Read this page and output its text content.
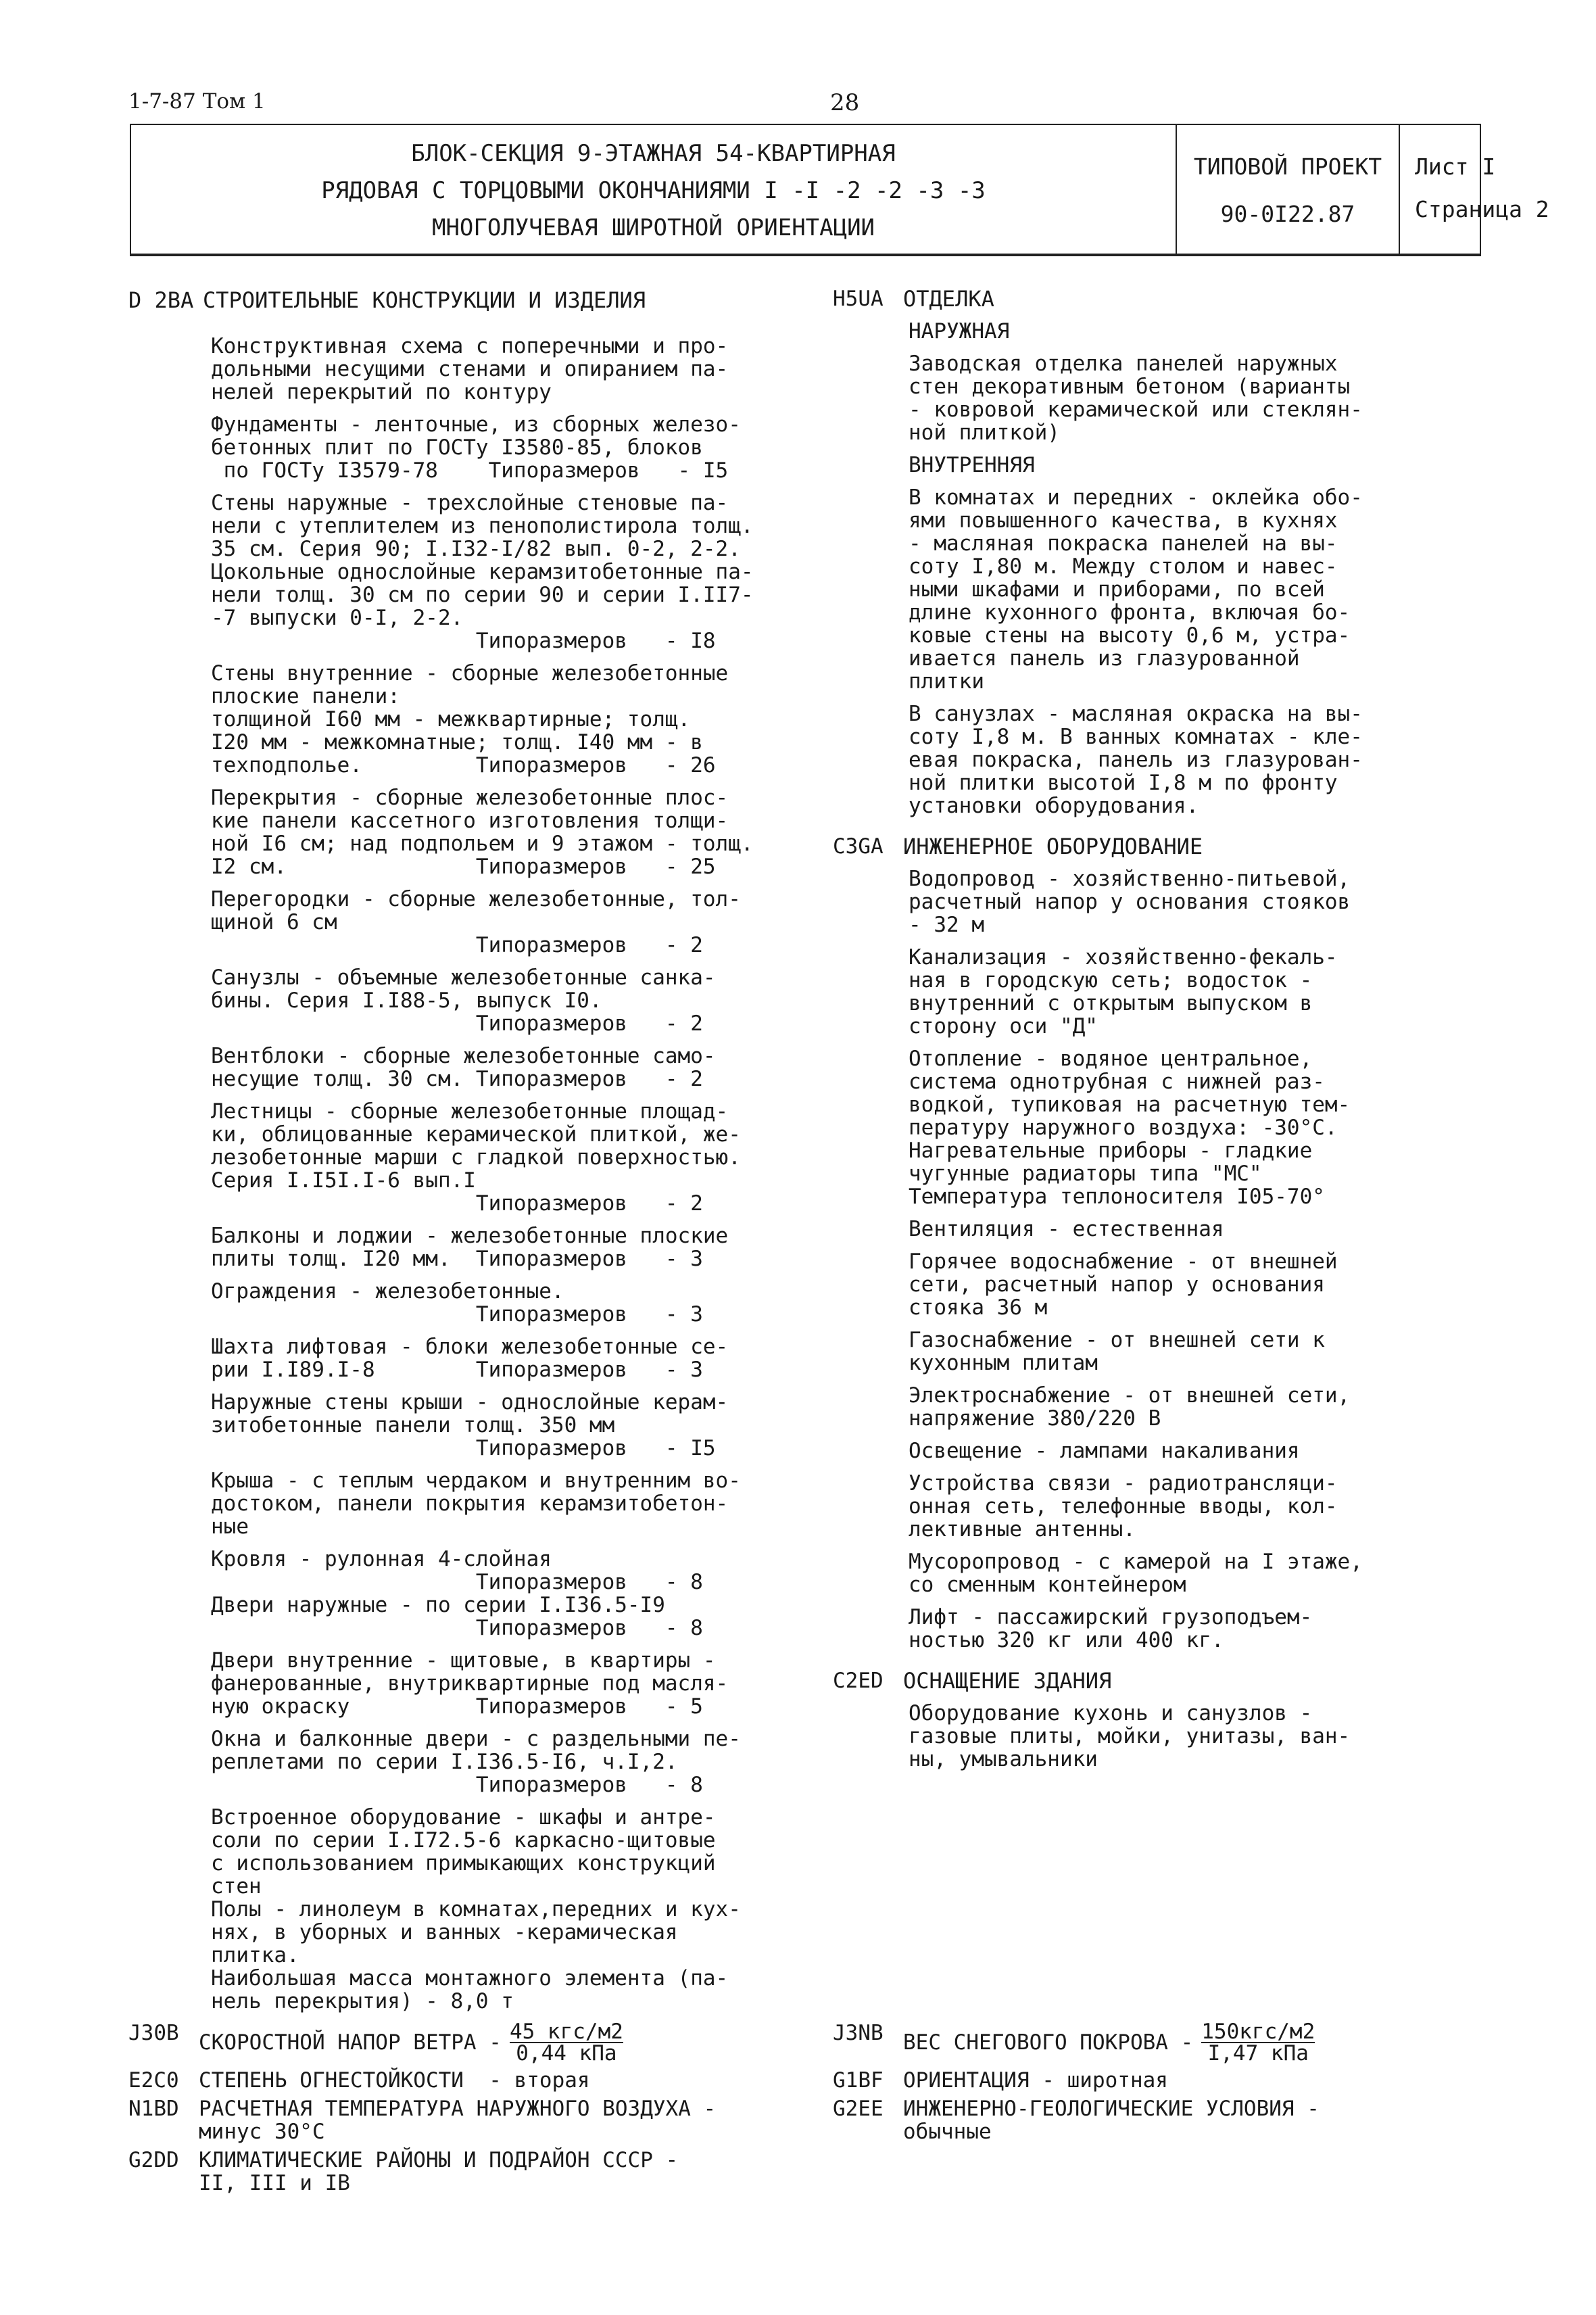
1-7-87 Том 1	28
БЛОК-СЕКЦИЯ 9-ЭТАЖНАЯ 54-КВАРТИРНАЯ
РЯДОВАЯ С ТОРЦОВЫМИ ОКОНЧАНИЯМИ I -I -2 -2 -3 -3
МНОГОЛУЧЕВАЯ ШИРОТНОЙ ОРИЕНТАЦИИ
ТИПОВОЙ ПРОЕКТ
90-0I22.87
Лист I
Страница 2
D 2BA СТРОИТЕЛЬНЫЕ КОНСТРУКЦИИ И ИЗДЕЛИЯ
Конструктивная схема с поперечными и про-
дольными несущими стенами и опиранием па-
нелей перекрытий по контуру
Фундаменты - ленточные, из сборных железо-
бетонных плит по ГОСТу I3580-85, блоков
по ГОСТу I3579-78    Типоразмеров   - I5
Стены наружные - трехслойные стеновые па-
нели с утеплителем из пенополистирола толщ.
35 см. Серия 90; I.I32-I/82 вып. 0-2, 2-2.
Цокольные однослойные керамзитобетонные па-
нели толщ. 30 см по серии 90 и серии I.II7-
-7 выпуски 0-I, 2-2.
Типоразмеров   - I8
Стены внутренние - сборные железобетонные
плоские панели:
толщиной I60 мм - межквартирные; толщ.
I20 мм - межкомнатные; толщ. I40 мм - в
техподполье.         Типоразмеров   - 26
Перекрытия - сборные железобетонные плос-
кие панели кассетного изготовления толщи-
ной I6 см; над подпольем и 9 этажом - толщ.
I2 см.               Типоразмеров   - 25
Перегородки - сборные железобетонные, тол-
щиной 6 см
Типоразмеров   - 2
Санузлы - объемные железобетонные санка-
бины. Серия I.I88-5, выпуск I0.
Типоразмеров   - 2
Вентблоки - сборные железобетонные само-
несущие толщ. 30 см. Типоразмеров   - 2
Лестницы - сборные железобетонные площад-
ки, облицованные керамической плиткой, же-
лезобетонные марши с гладкой поверхностью.
Серия I.I5I.I-6 вып.I
Типоразмеров   - 2
Балконы и лоджии - железобетонные плоские
плиты толщ. I20 мм.  Типоразмеров   - 3
Ограждения - железобетонные.
Типоразмеров   - 3
Шахта лифтовая - блоки железобетонные се-
рии I.I89.I-8        Типоразмеров   - 3
Наружные стены крыши - однослойные керам-
зитобетонные панели толщ. 350 мм
Типоразмеров   - I5
Крыша - с теплым чердаком и внутренним во-
достоком, панели покрытия керамзитобетон-
ные
Кровля - рулонная 4-слойная
Типоразмеров   - 8
Двери наружные - по серии I.I36.5-I9
Типоразмеров   - 8
Двери внутренние - щитовые, в квартиры -
фанерованные, внутриквартирные под масля-
ную окраску          Типоразмеров   - 5
Окна и балконные двери - с раздельными пе-
реплетами по серии I.I36.5-I6, ч.I,2.
Типоразмеров   - 8
Встроенное оборудование - шкафы и антре-
соли по серии I.I72.5-6 каркасно-щитовые
с использованием примыкающих конструкций
стен
Полы - линолеум в комнатах,передних и кух-
нях, в уборных и ванных -керамическая
плитка.
Наибольшая масса монтажного элемента (па-
нель перекрытия) - 8,0 т
J30B СКОРОСТНОЙ НАПОР ВЕТРА - 45 кгс/м2
0,44 кПа
E2C0 СТЕПЕНЬ ОГНЕСТОЙКОСТИ  - вторая
N1BD РАСЧЕТНАЯ ТЕМПЕРАТУРА НАРУЖНОГО ВОЗДУХА -
минус 30°С
G2DD КЛИМАТИЧЕСКИЕ РАЙОНЫ И ПОДРАЙОН СССР -
II, III и IВ
H5UA ОТДЕЛКА
НАРУЖНАЯ
Заводская отделка панелей наружных
стен декоративным бетоном (варианты
- ковровой керамической или стеклян-
ной плиткой)
ВНУТРЕННЯЯ
В комнатах и передних - оклейка обо-
ями повышенного качества, в кухнях
- масляная покраска панелей на вы-
соту I,80 м. Между столом и навес-
ными шкафами и приборами, по всей
длине кухонного фронта, включая бо-
ковые стены на высоту 0,6 м, устра-
ивается панель из глазурованной
плитки
В санузлах - масляная окраска на вы-
соту I,8 м. В ванных комнатах - кле-
евая покраска, панель из глазурован-
ной плитки высотой I,8 м по фронту
установки оборудования.
C3GA ИНЖЕНЕРНОЕ ОБОРУДОВАНИЕ
Водопровод - хозяйственно-питьевой,
расчетный напор у основания стояков
- 32 м
Канализация - хозяйственно-фекаль-
ная в городскую сеть; водосток -
внутренний с открытым выпуском в
сторону оси "Д"
Отопление - водяное центральное,
система однотрубная с нижней раз-
водкой, тупиковая на расчетную тем-
пературу наружного воздуха: -30°С.
Нагревательные приборы - гладкие
чугунные радиаторы типа "МС"
Температура теплоносителя I05-70°
Вентиляция - естественная
Горячее водоснабжение - от внешней
сети, расчетный напор у основания
стояка 36 м
Газоснабжение - от внешней сети к
кухонным плитам
Электроснабжение - от внешней сети,
напряжение 380/220 В
Освещение - лампами накаливания
Устройства связи - радиотрансляци-
онная сеть, телефонные вводы, кол-
лективные антенны.
Мусоропровод - с камерой на I этаже,
со сменным контейнером
Лифт - пассажирский грузоподъем-
ностью 320 кг или 400 кг.
C2ED ОСНАЩЕНИЕ ЗДАНИЯ
Оборудование кухонь и санузлов -
газовые плиты, мойки, унитазы, ван-
ны, умывальники
J3NB ВЕС СНЕГОВОГО ПОКРОВА - 150кгс/м2
I,47 кПа
G1BF ОРИЕНТАЦИЯ - широтная
G2EE ИНЖЕНЕРНО-ГЕОЛОГИЧЕСКИЕ УСЛОВИЯ -
обычные
